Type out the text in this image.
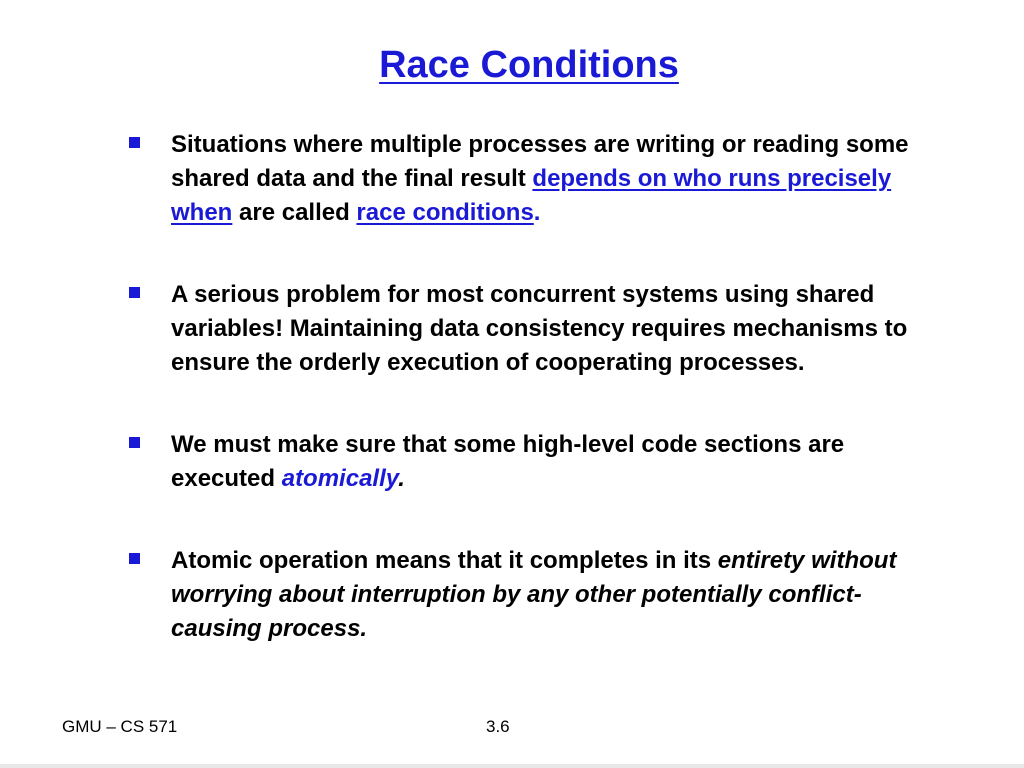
Race Conditions
Situations where multiple processes are writing or reading some shared data and the final result depends on who runs precisely when are called race conditions.
A serious problem for most concurrent systems using shared variables! Maintaining data consistency requires mechanisms to ensure the orderly execution of cooperating processes.
We must make sure that some high-level code sections are executed atomically.
Atomic operation means that it completes in its entirety without worrying about interruption by any other potentially conflict-causing process.
GMU – CS 571	3.6
